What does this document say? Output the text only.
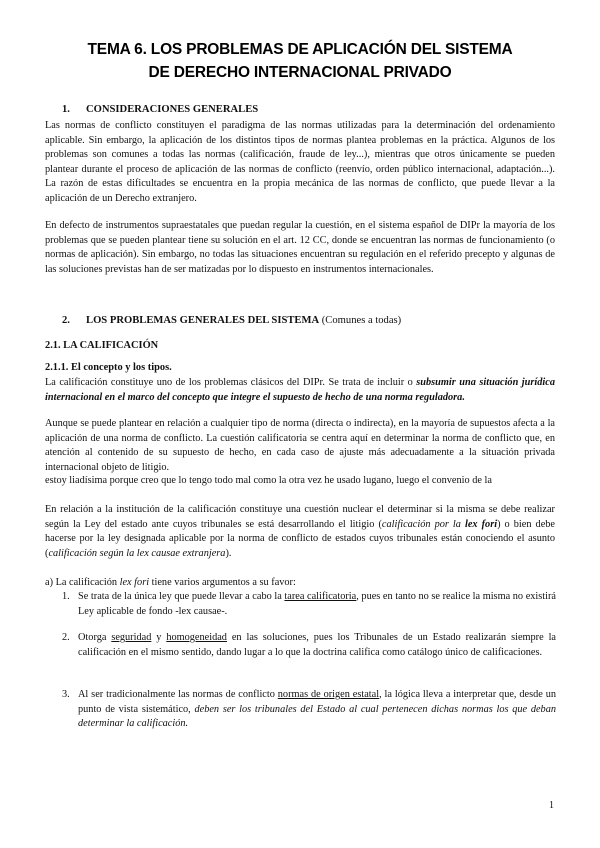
TEMA 6. LOS PROBLEMAS DE APLICACIÓN DEL SISTEMA
DE DERECHO INTERNACIONAL PRIVADO
1. CONSIDERACIONES GENERALES
Las normas de conflicto constituyen el paradigma de las normas utilizadas para la determinación del ordenamiento aplicable. Sin embargo, la aplicación de los distintos tipos de normas plantea problemas en la práctica. Algunos de los problemas son comunes a todas las normas (calificación, fraude de ley...), mientras que otros únicamente se pueden plantear durante el proceso de aplicación de las normas de conflicto (reenvío, orden público internacional, adaptación...). La razón de estas dificultades se encuentra en la propia mecánica de las normas de conflicto, que puede llevar a la aplicación de un Derecho extranjero.
En defecto de instrumentos supraestatales que puedan regular la cuestión, en el sistema español de DIPr la mayoría de los problemas que se pueden plantear tiene su solución en el art. 12 CC, donde se encuentran las normas de funcionamiento (o normas de aplicación). Sin embargo, no todas las situaciones encuentran su regulación en el referido precepto y algunas de las soluciones previstas han de ser matizadas por lo dispuesto en instrumentos internacionales.
2. LOS PROBLEMAS GENERALES DEL SISTEMA (Comunes a todas)
2.1. LA CALIFICACIÓN
2.1.1. El concepto y los tipos.
La calificación constituye uno de los problemas clásicos del DIPr. Se trata de incluir o subsumir una situación jurídica internacional en el marco del concepto que integre el supuesto de hecho de una norma reguladora.
Aunque se puede plantear en relación a cualquier tipo de norma (directa o indirecta), en la mayoría de supuestos afecta a la aplicación de una norma de conflicto. La cuestión calificatoria se centra aquí en determinar la norma de conflicto que, en atención al contenido de su supuesto de hecho, en cada caso de ajuste más adecuadamente a la situación privada internacional objeto de litigio.
estoy liadísima porque creo que lo tengo todo mal como la otra vez he usado lugano, luego el convenio de la
En relación a la institución de la calificación constituye una cuestión nuclear el determinar si la misma se debe realizar según la Ley del estado ante cuyos tribunales se está desarrollando el litigio (calificación por la lex fori) o bien debe hacerse por la ley designada aplicable por la norma de conflicto de estados cuyos tribunales están conociendo el asunto (calificación según la lex causae extranjera).
a) La calificación lex fori tiene varios argumentos a su favor:
1. Se trata de la única ley que puede llevar a cabo la tarea calificatoria, pues en tanto no se realice la misma no existirá Ley aplicable de fondo -lex causae-.
2. Otorga seguridad y homogeneidad en las soluciones, pues los Tribunales de un Estado realizarán siempre la calificación en el mismo sentido, dando lugar a lo que la doctrina califica como catálogo único de calificaciones.
3. Al ser tradicionalmente las normas de conflicto normas de origen estatal, la lógica lleva a interpretar que, desde un punto de vista sistemático, deben ser los tribunales del Estado al cual pertenecen dichas normas los que deban determinar la calificación.
1
